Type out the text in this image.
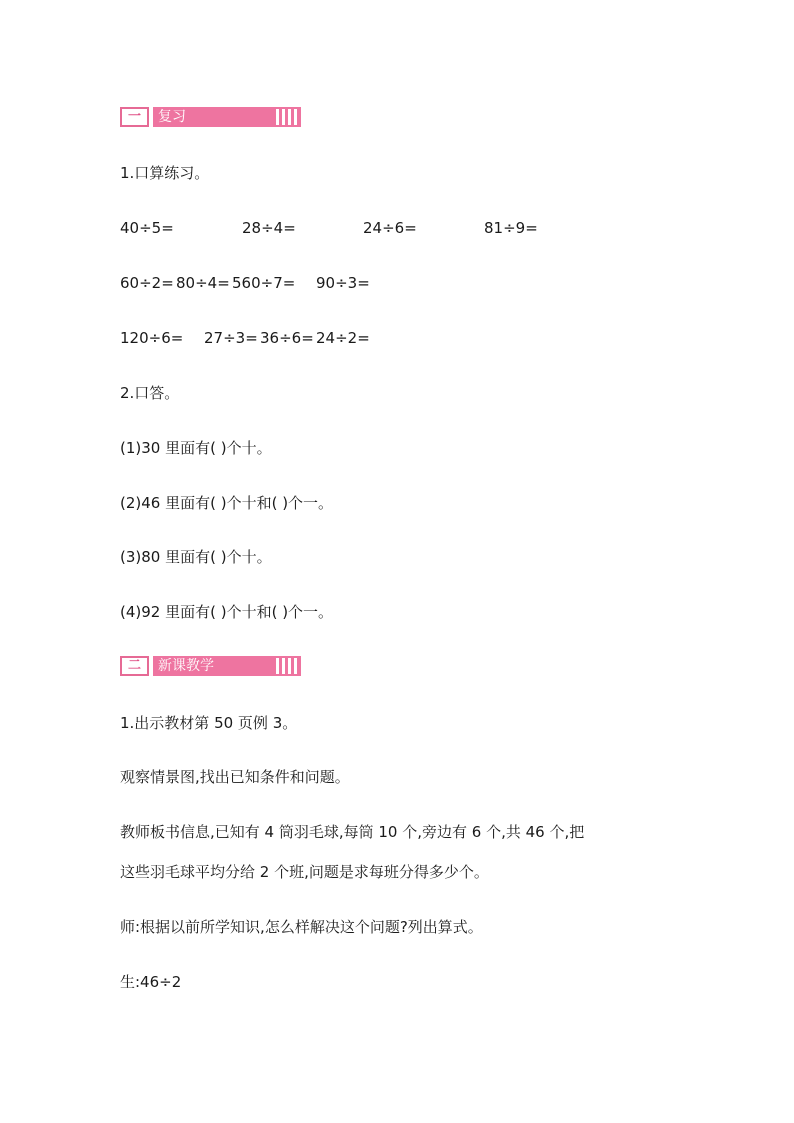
一	复习
1.口算练习。
40÷5=	28÷4=	24÷6=	81÷9=
60÷2= 80÷4= 560÷7= 90÷3=
120÷6= 27÷3= 36÷6= 24÷2=
2.口答。
(1)30 里面有( )个十。
(2)46 里面有( )个十和( )个一。
(3)80 里面有( )个十。
(4)92 里面有( )个十和( )个一。
二	新课教学
1.出示教材第 50 页例 3。
观察情景图,找出已知条件和问题。
教师板书信息,已知有 4 筒羽毛球,每筒 10 个,旁边有 6 个,共 46 个,把
这些羽毛球平均分给 2 个班,问题是求每班分得多少个。
师:根据以前所学知识,怎么样解决这个问题?列出算式。
生:46÷2
